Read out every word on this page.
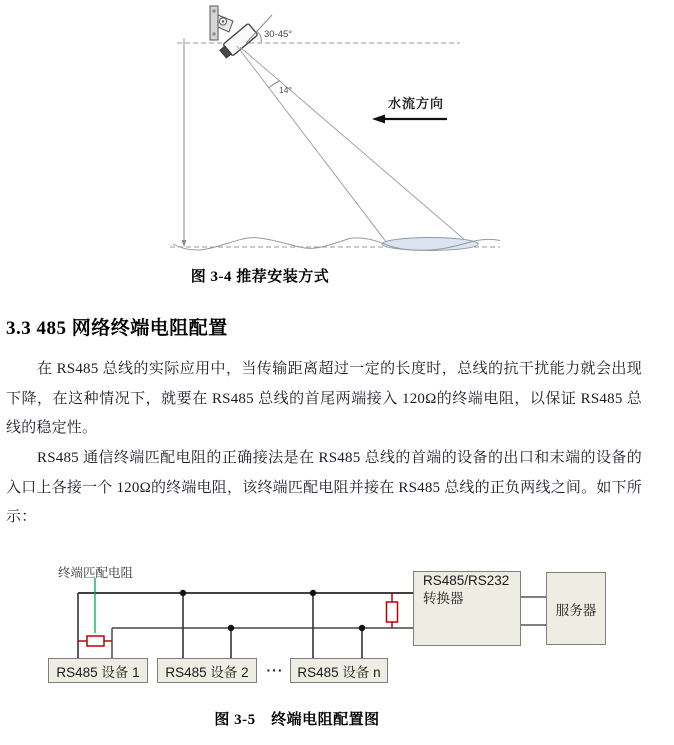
30-45°
14°
水流方向
图 3-4 推荐安装方式
3.3 485 网络终端电阻配置
在 RS485 总线的实际应用中，当传输距离超过一定的长度时，总线的抗干扰能力就会出现下降，在这种情况下，就要在 RS485 总线的首尾两端接入 120Ω的终端电阻，以保证 RS485 总线的稳定性。
RS485 通信终端匹配电阻的正确接法是在 RS485 总线的首端的设备的出口和末端的设备的入口上各接一个 120Ω的终端电阻，该终端匹配电阻并接在 RS485 总线的正负两线之间。如下所示：
终端匹配电阻
RS485 设备 1	RS485 设备 2	···	RS485 设备 n
RS485/RS232
转换器
服务器
图 3-5　终端电阻配置图
